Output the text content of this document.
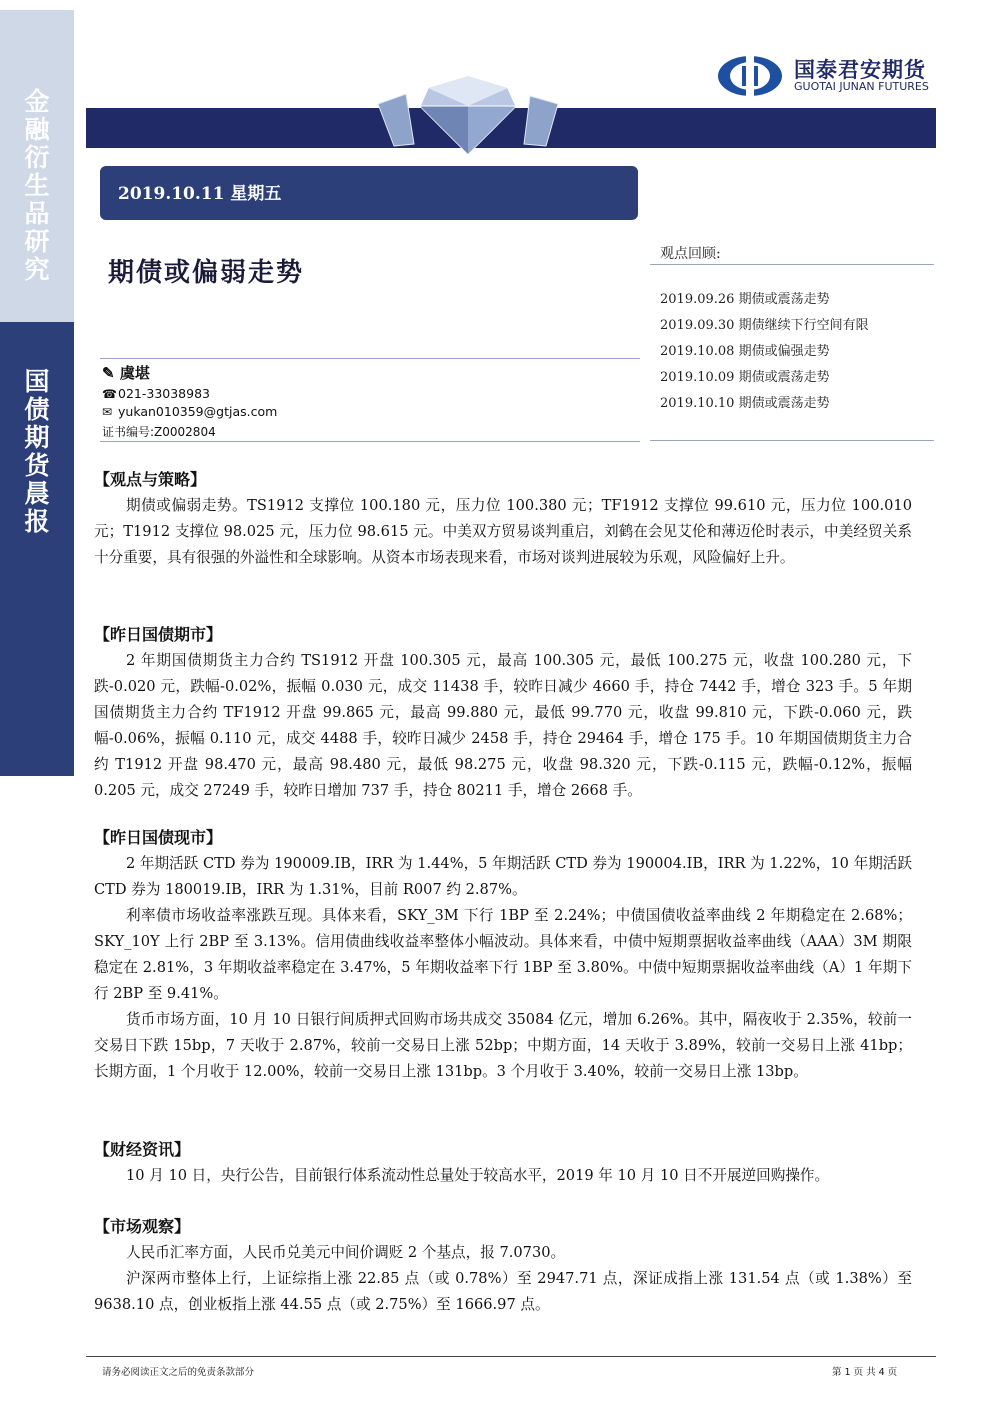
金
融
衍
生
品
研
究
国
债
期
货
晨
报
国泰君安期货
GUOTAI JUNAN FUTURES
2019.10.11 星期五
期债或偏弱走势
观点回顾:
2019.09.26 期债或震荡走势
2019.09.30 期债继续下行空间有限
2019.10.08 期债或偏强走势
2019.10.09 期债或震荡走势
2019.10.10 期债或震荡走势
✎ 虞堪
☎021-33038983
✉ yukan010359@gtjas.com
证书编号:Z0002804
【观点与策略】
期债或偏弱走势。TS1912 支撑位 100.180 元，压力位 100.380 元；TF1912 支撑位 99.610 元，压力位 100.010 元；T1912 支撑位 98.025 元，压力位 98.615 元。中美双方贸易谈判重启，刘鹤在会见艾伦和薄迈伦时表示，中美经贸关系十分重要，具有很强的外溢性和全球影响。从资本市场表现来看，市场对谈判进展较为乐观，风险偏好上升。
【昨日国债期市】
2 年期国债期货主力合约 TS1912 开盘 100.305 元，最高 100.305 元，最低 100.275 元，收盘 100.280 元，下跌-0.020 元，跌幅-0.02%，振幅 0.030 元，成交 11438 手，较昨日减少 4660 手，持仓 7442 手，增仓 323 手。5 年期国债期货主力合约 TF1912 开盘 99.865 元，最高 99.880 元，最低 99.770 元，收盘 99.810 元，下跌-0.060 元，跌幅-0.06%，振幅 0.110 元，成交 4488 手，较昨日减少 2458 手，持仓 29464 手，增仓 175 手。10 年期国债期货主力合约 T1912 开盘 98.470 元，最高 98.480 元，最低 98.275 元，收盘 98.320 元，下跌-0.115 元，跌幅-0.12%，振幅 0.205 元，成交 27249 手，较昨日增加 737 手，持仓 80211 手，增仓 2668 手。
【昨日国债现市】
2 年期活跃 CTD 券为 190009.IB，IRR 为 1.44%，5 年期活跃 CTD 券为 190004.IB，IRR 为 1.22%，10 年期活跃 CTD 券为 180019.IB，IRR 为 1.31%，目前 R007 约 2.87%。
利率债市场收益率涨跌互现。具体来看，SKY_3M 下行 1BP 至 2.24%；中债国债收益率曲线 2 年期稳定在 2.68%；SKY_10Y 上行 2BP 至 3.13%。信用债曲线收益率整体小幅波动。具体来看，中债中短期票据收益率曲线（AAA）3M 期限稳定在 2.81%，3 年期收益率稳定在 3.47%，5 年期收益率下行 1BP 至 3.80%。中债中短期票据收益率曲线（A）1 年期下行 2BP 至 9.41%。
货币市场方面，10 月 10 日银行间质押式回购市场共成交 35084 亿元，增加 6.26%。其中，隔夜收于 2.35%，较前一交易日下跌 15bp，7 天收于 2.87%，较前一交易日上涨 52bp；中期方面，14 天收于 3.89%，较前一交易日上涨 41bp；长期方面，1 个月收于 12.00%，较前一交易日上涨 131bp。3 个月收于 3.40%，较前一交易日上涨 13bp。
【财经资讯】
10 月 10 日，央行公告，目前银行体系流动性总量处于较高水平，2019 年 10 月 10 日不开展逆回购操作。
【市场观察】
人民币汇率方面，人民币兑美元中间价调贬 2 个基点，报 7.0730。
沪深两市整体上行，上证综指上涨 22.85 点（或 0.78%）至 2947.71 点，深证成指上涨 131.54 点（或 1.38%）至 9638.10 点，创业板指上涨 44.55 点（或 2.75%）至 1666.97 点。
请务必阅读正文之后的免责条款部分	第 1 页 共 4 页
